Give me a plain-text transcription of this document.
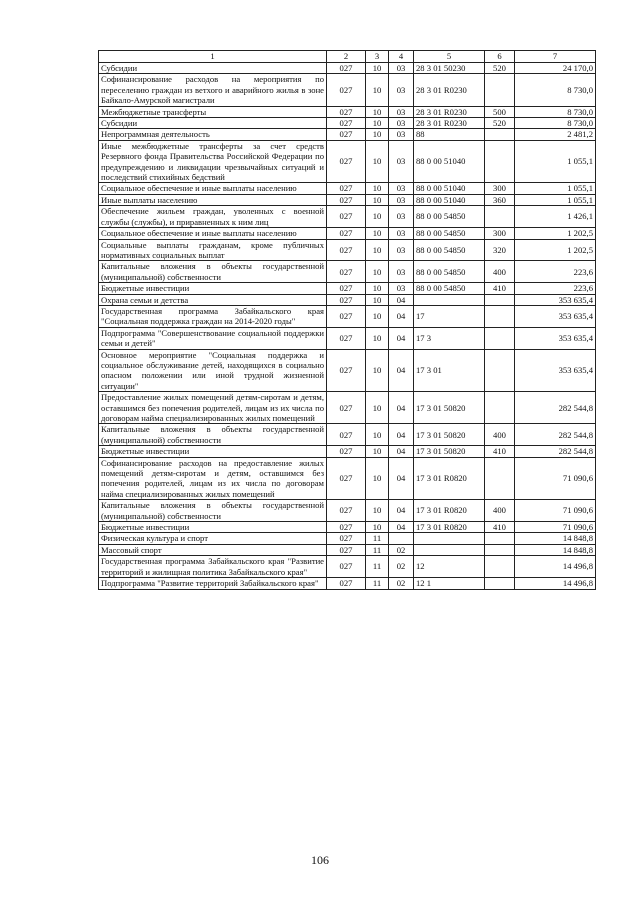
1	2	3	4	5	6	7
Субсидии	027	10	03	28 3 01 50230	520	24 170,0
Софинансирование расходов на мероприятия по переселению граждан из ветхого и аварийного жилья в зоне Байкало-Амурской магистрали	027	10	03	28 3 01 R0230		8 730,0
Межбюджетные трансферты	027	10	03	28 3 01 R0230	500	8 730,0
Субсидии	027	10	03	28 3 01 R0230	520	8 730,0
Непрограммная деятельность	027	10	03	88		2 481,2
Иные межбюджетные трансферты за счет средств Резервного фонда Правительства Российской Федерации по предупреждению и ликвидации чрезвычайных ситуаций и последствий стихийных бедствий	027	10	03	88 0 00 51040		1 055,1
Социальное обеспечение и иные выплаты населению	027	10	03	88 0 00 51040	300	1 055,1
Иные выплаты населению	027	10	03	88 0 00 51040	360	1 055,1
Обеспечение жильем граждан, уволенных с военной службы (службы), и приравненных к ним лиц	027	10	03	88 0 00 54850		1 426,1
Социальное обеспечение и иные выплаты населению	027	10	03	88 0 00 54850	300	1 202,5
Социальные выплаты гражданам, кроме публичных нормативных социальных выплат	027	10	03	88 0 00 54850	320	1 202,5
Капитальные вложения в объекты государственной (муниципальной) собственности	027	10	03	88 0 00 54850	400	223,6
Бюджетные инвестиции	027	10	03	88 0 00 54850	410	223,6
Охрана семьи и детства	027	10	04			353 635,4
Государственная программа Забайкальского края "Социальная поддержка граждан на 2014-2020 годы"	027	10	04	17		353 635,4
Подпрограмма "Совершенствование социальной поддержки семьи и детей"	027	10	04	17 3		353 635,4
Основное мероприятие "Социальная поддержка и социальное обслуживание детей, находящихся в социально опасном положении или иной трудной жизненной ситуации"	027	10	04	17 3 01		353 635,4
Предоставление жилых помещений детям-сиротам и детям, оставшимся без попечения родителей, лицам из их числа по договорам найма специализированных жилых помещений	027	10	04	17 3 01 50820		282 544,8
Капитальные вложения в объекты государственной (муниципальной) собственности	027	10	04	17 3 01 50820	400	282 544,8
Бюджетные инвестиции	027	10	04	17 3 01 50820	410	282 544,8
Софинансирование расходов на предоставление жилых помещений детям-сиротам и детям, оставшимся без попечения родителей, лицам из их числа по договорам найма специализированных жилых помещений	027	10	04	17 3 01 R0820		71 090,6
Капитальные вложения в объекты государственной (муниципальной) собственности	027	10	04	17 3 01 R0820	400	71 090,6
Бюджетные инвестиции	027	10	04	17 3 01 R0820	410	71 090,6
Физическая культура и спорт	027	11				14 848,8
Массовый спорт	027	11	02			14 848,8
Государственная программа Забайкальского края "Развитие территорий и жилищная политика Забайкальского края"	027	11	02	12		14 496,8
Подпрограмма "Развитие территорий Забайкальского края"	027	11	02	12 1		14 496,8
106
